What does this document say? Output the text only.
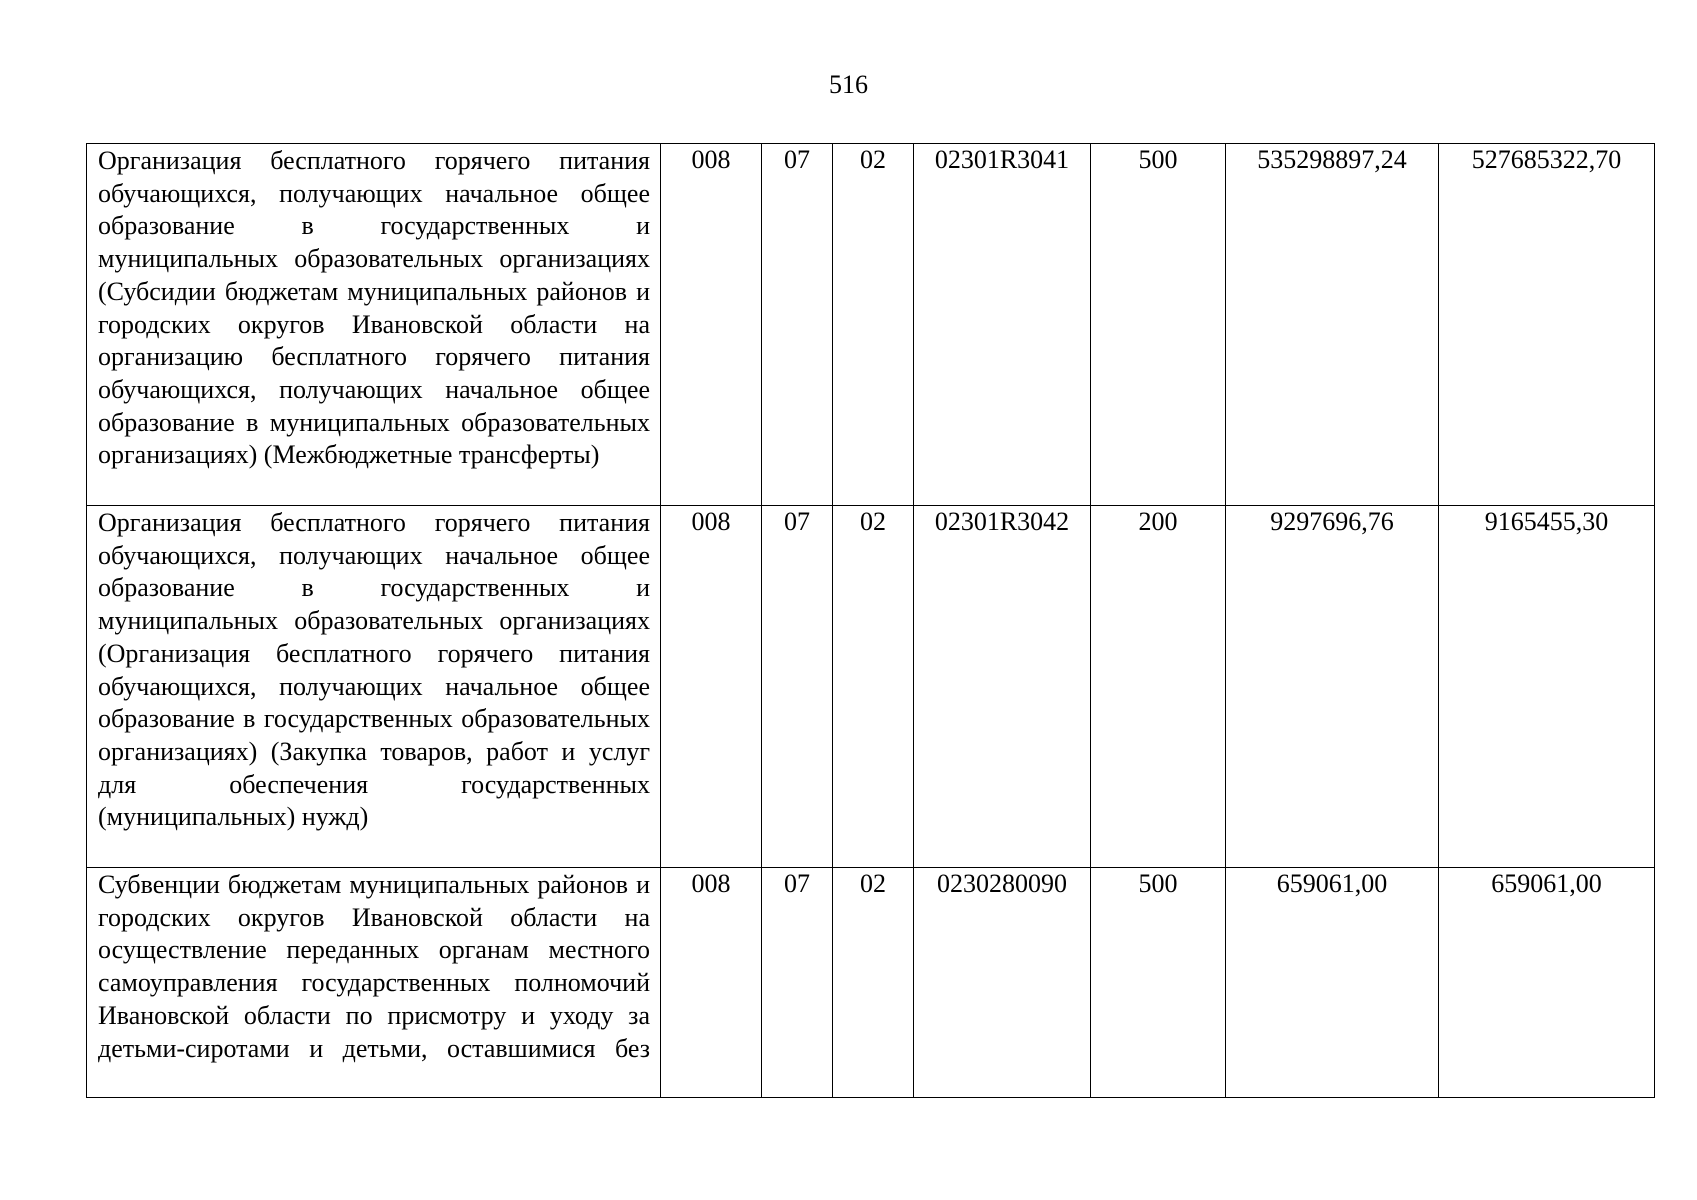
516
Организация бесплатного горячего питания обучающихся, получающих начальное общее образование в государственных и муниципальных образовательных организациях (Субсидии бюджетам муниципальных районов и городских округов Ивановской области на организацию бесплатного горячего питания обучающихся, получающих начальное общее образование в муниципальных образовательных организациях) (Межбюджетные трансферты)	008	07	02	02301R3041	500	535298897,24	527685322,70
Организация бесплатного горячего питания обучающихся, получающих начальное общее образование в государственных и муниципальных образовательных организациях (Организация бесплатного горячего питания обучающихся, получающих начальное общее образование в государственных образовательных организациях) (Закупка товаров, работ и услуг для обеспечения государственных (муниципальных) нужд)	008	07	02	02301R3042	200	9297696,76	9165455,30
Субвенции бюджетам муниципальных районов и городских округов Ивановской области на осуществление переданных органам местного самоуправления государственных полномочий Ивановской области по присмотру и уходу за детьми-сиротами и детьми, оставшимися без	008	07	02	0230280090	500	659061,00	659061,00
